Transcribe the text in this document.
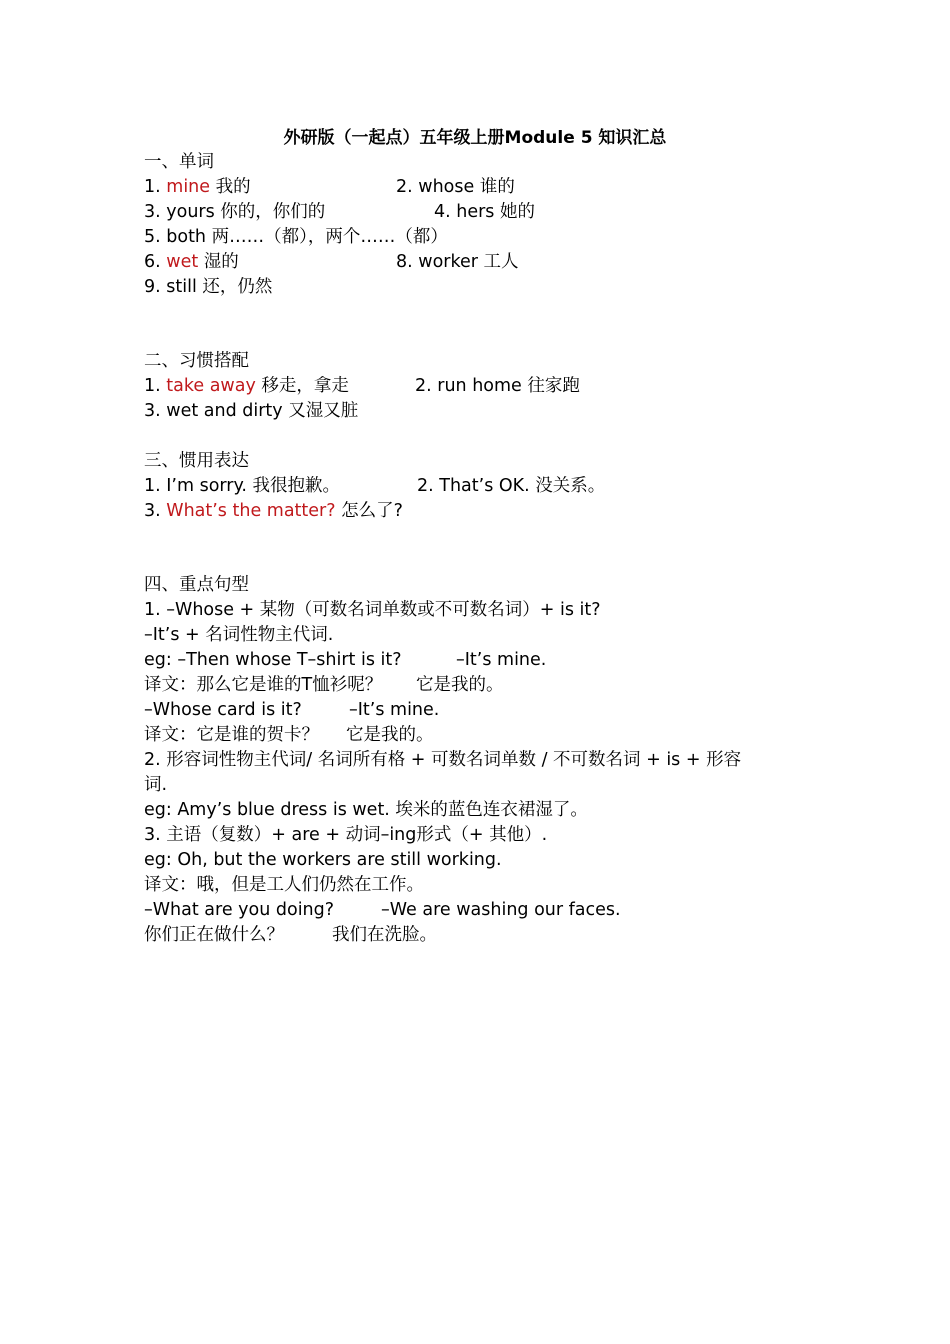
外研版（一起点）五年级上册Module 5 知识汇总
一、单词
1. mine 我的	2. whose 谁的
3. yours 你的，你们的	4. hers 她的
5. both 两……（都），两个……（都）
6. wet 湿的	8. worker 工人
9. still 还，仍然
二、习惯搭配
1. take away 移走，拿走	2. run home 往家跑
3. wet and dirty 又湿又脏
三、惯用表达
1. I’m sorry. 我很抱歉。	2. That’s OK. 没关系。
3. What’s the matter? 怎么了?
四、重点句型
1. –Whose + 某物（可数名词单数或不可数名词）+ is it?
–It’s + 名词性物主代词.
eg: –Then whose T–shirt is it?	–It’s mine.
译文：那么它是谁的T恤衫呢？ 它是我的。
–Whose card is it?	–It’s mine.
译文：它是谁的贺卡？ 它是我的。
2. 形容词性物主代词/ 名词所有格 + 可数名词单数 / 不可数名词 + is + 形容
词.
eg: Amy’s blue dress is wet. 埃米的蓝色连衣裙湿了。
3. 主语（复数）+ are + 动词–ing形式（+ 其他）.
eg: Oh, but the workers are still working.
译文：哦，但是工人们仍然在工作。
–What are you doing?	–We are washing our faces.
你们正在做什么？	我们在洗脸。
